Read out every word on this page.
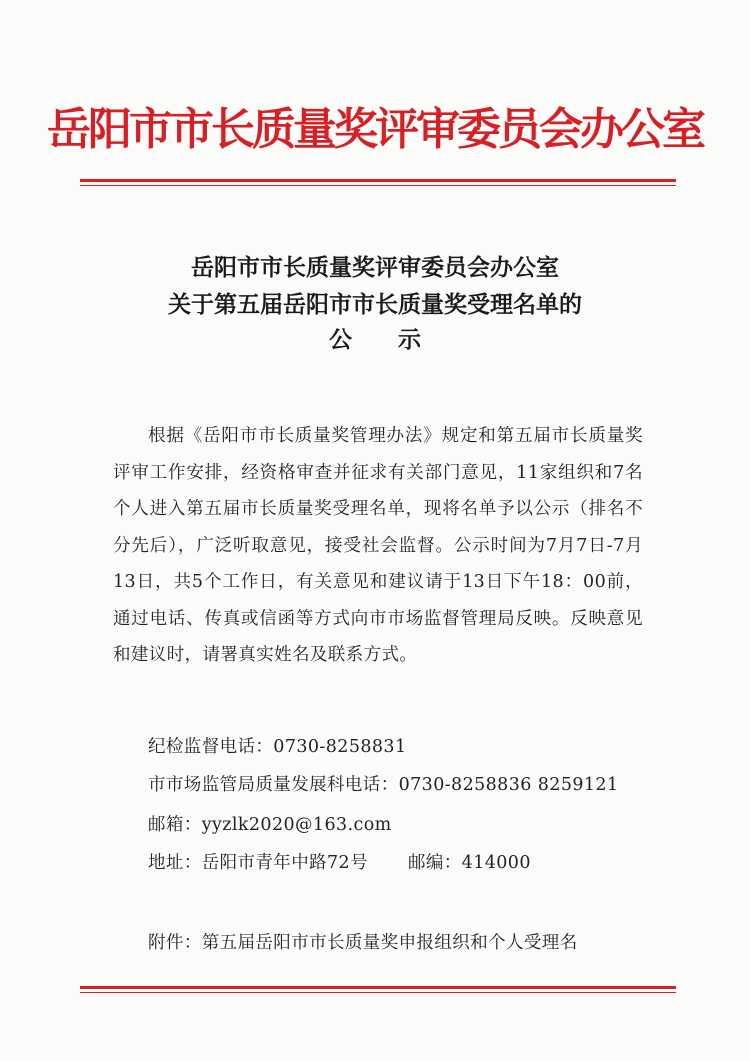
岳阳市市长质量奖评审委员会办公室
岳阳市市长质量奖评审委员会办公室
关于第五届岳阳市市长质量奖受理名单的
公示
根据《岳阳市市长质量奖管理办法》规定和第五届市长质量奖评审工作安排，经资格审查并征求有关部门意见，11家组织和7名个人进入第五届市长质量奖受理名单，现将名单予以公示（排名不分先后），广泛听取意见，接受社会监督。公示时间为7月7日-7月13日，共5个工作日，有关意见和建议请于13日下午18：00前，通过电话、传真或信函等方式向市市场监督管理局反映。反映意见和建议时，请署真实姓名及联系方式。
纪检监督电话：0730-8258831
市市场监管局质量发展科电话：0730-8258836 8259121
邮箱：yyzlk2020@163.com
地址：岳阳市青年中路72号 邮编：414000
附件：第五届岳阳市市长质量奖申报组织和个人受理名
